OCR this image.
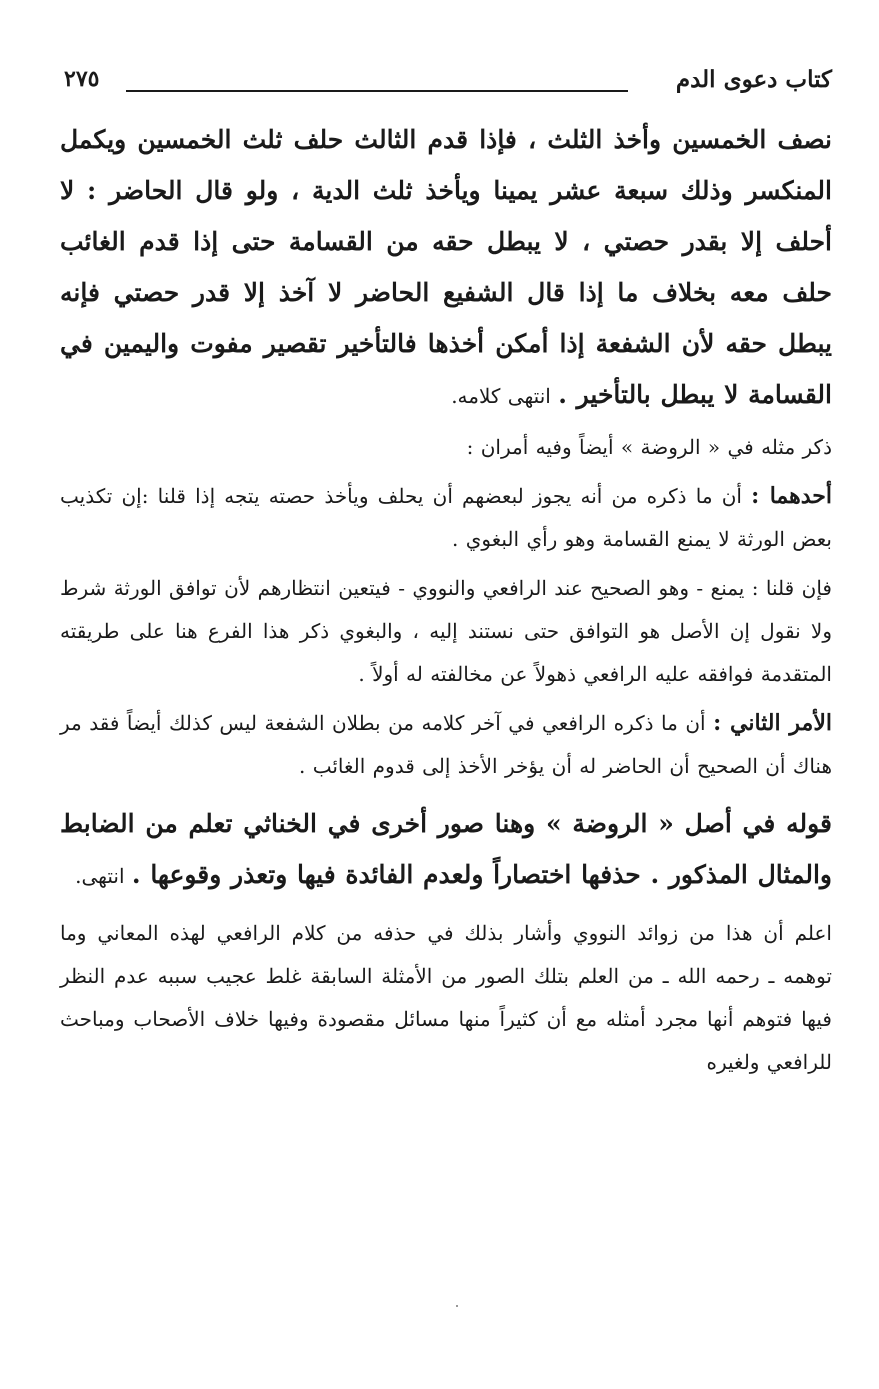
كتاب دعوى الدم
٢٧٥

نصف الخمسين وأخذ الثلث ، فإذا قدم الثالث حلف ثلث الخمسين ويكمل المنكسر وذلك سبعة عشر يمينا ويأخذ ثلث الدية ، ولو قال الحاضر : لا أحلف إلا بقدر حصتي ، لا يبطل حقه من القسامة حتى إذا قدم الغائب حلف معه بخلاف ما إذا قال الشفيع الحاضر لا آخذ إلا قدر حصتي فإنه يبطل حقه لأن الشفعة إذا أمكن أخذها فالتأخير تقصير مفوت واليمين في القسامة لا يبطل بالتأخير . انتهى كلامه.

ذكر مثله في « الروضة » أيضاً وفيه أمران :

أحدهما : أن ما ذكره من أنه يجوز لبعضهم أن يحلف ويأخذ حصته يتجه إذا قلنا :إن تكذيب بعض الورثة لا يمنع القسامة وهو رأي البغوي .

فإن قلنا : يمنع - وهو الصحيح عند الرافعي والنووي - فيتعين انتظارهم لأن توافق الورثة شرط ولا نقول إن الأصل هو التوافق حتى نستند إليه ، والبغوي ذكر هذا الفرع هنا على طريقته المتقدمة فوافقه عليه الرافعي ذهولاً عن مخالفته له أولاً .

الأمر الثاني : أن ما ذكره الرافعي في آخر كلامه من بطلان الشفعة ليس كذلك أيضاً فقد مر هناك أن الصحيح أن الحاضر له أن يؤخر الأخذ إلى قدوم الغائب .

قوله في أصل « الروضة » وهنا صور أخرى في الخناثي تعلم من الضابط والمثال المذكور . حذفها اختصاراً ولعدم الفائدة فيها وتعذر وقوعها . انتهى.

اعلم أن هذا من زوائد النووي وأشار بذلك في حذفه من كلام الرافعي لهذه المعاني وما توهمه ـ رحمه الله ـ من العلم بتلك الصور من الأمثلة السابقة غلط عجيب سببه عدم النظر فيها فتوهم أنها مجرد أمثله مع أن كثيراً منها مسائل مقصودة وفيها خلاف الأصحاب ومباحث للرافعي ولغيره
